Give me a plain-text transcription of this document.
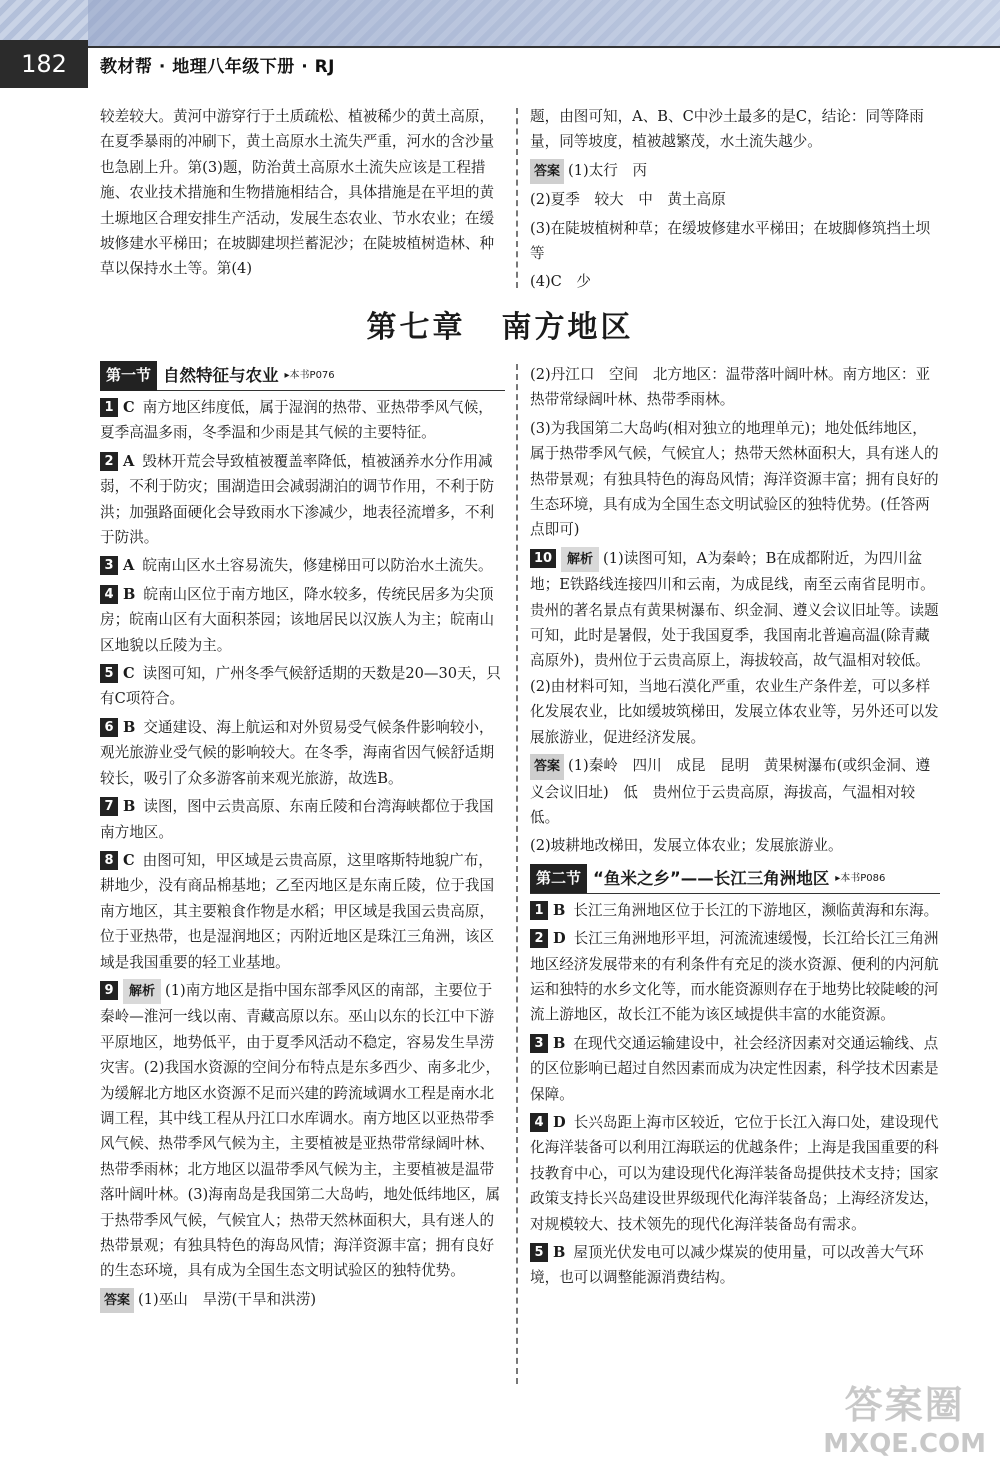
182	教材帮 · 地理八年级下册 · RJ

较差较大。黄河中游穿行于土质疏松、植被稀少的黄土高原，在夏季暴雨的冲刷下，黄土高原水土流失严重，河水的含沙量也急剧上升。第(3)题，防治黄土高原水土流失应该是工程措施、农业技术措施和生物措施相结合，具体措施是在平坦的黄土塬地区合理安排生产活动，发展生态农业、节水农业；在缓坡修建水平梯田；在坡脚建坝拦蓄泥沙；在陡坡植树造林、种草以保持水土等。第(4)

题，由图可知，A、B、C中沙土最多的是C，结论：同等降雨量，同等坡度，植被越繁茂，水土流失越少。

答案 (1)太行　丙

(2)夏季　较大　中　黄土高原

(3)在陡坡植树种草；在缓坡修建水平梯田；在坡脚修筑挡土坝等

(4)C　少

第七章 南方地区
第一节 自然特征与农业 ▸本书P076

1 C 南方地区纬度低，属于湿润的热带、亚热带季风气候，夏季高温多雨，冬季温和少雨是其气候的主要特征。

2 A 毁林开荒会导致植被覆盖率降低，植被涵养水分作用减弱，不利于防灾；围湖造田会减弱湖泊的调节作用，不利于防洪；加强路面硬化会导致雨水下渗减少，地表径流增多，不利于防洪。

3 A 皖南山区水土容易流失，修建梯田可以防治水土流失。

4 B 皖南山区位于南方地区，降水较多，传统民居多为尖顶房；皖南山区有大面积茶园；该地居民以汉族人为主；皖南山区地貌以丘陵为主。

5 C 读图可知，广州冬季气候舒适期的天数是20—30天，只有C项符合。

6 B 交通建设、海上航运和对外贸易受气候条件影响较小，观光旅游业受气候的影响较大。在冬季，海南省因气候舒适期较长，吸引了众多游客前来观光旅游，故选B。

7 B 读图，图中云贵高原、东南丘陵和台湾海峡都位于我国南方地区。

8 C 由图可知，甲区域是云贵高原，这里喀斯特地貌广布，耕地少，没有商品棉基地；乙至丙地区是东南丘陵，位于我国南方地区，其主要粮食作物是水稻；甲区域是我国云贵高原，位于亚热带，也是湿润地区；丙附近地区是珠江三角洲，该区域是我国重要的轻工业基地。

9 解析 (1)南方地区是指中国东部季风区的南部，主要位于秦岭—淮河一线以南、青藏高原以东。巫山以东的长江中下游平原地区，地势低平，由于夏季风活动不稳定，容易发生旱涝灾害。(2)我国水资源的空间分布特点是东多西少、南多北少，为缓解北方地区水资源不足而兴建的跨流域调水工程是南水北调工程，其中线工程从丹江口水库调水。南方地区以亚热带季风气候、热带季风气候为主，主要植被是亚热带常绿阔叶林、热带季雨林；北方地区以温带季风气候为主，主要植被是温带落叶阔叶林。(3)海南岛是我国第二大岛屿，地处低纬地区，属于热带季风气候，气候宜人；热带天然林面积大，具有迷人的热带景观；有独具特色的海岛风情；海洋资源丰富；拥有良好的生态环境，具有成为全国生态文明试验区的独特优势。

答案 (1)巫山　旱涝(干旱和洪涝)

(2)丹江口　空间　北方地区：温带落叶阔叶林。南方地区：亚热带常绿阔叶林、热带季雨林。

(3)为我国第二大岛屿(相对独立的地理单元)；地处低纬地区，属于热带季风气候，气候宜人；热带天然林面积大，具有迷人的热带景观；有独具特色的海岛风情；海洋资源丰富；拥有良好的生态环境，具有成为全国生态文明试验区的独特优势。(任答两点即可)

10 解析 (1)读图可知，A为秦岭；B在成都附近，为四川盆地；E铁路线连接四川和云南，为成昆线，南至云南省昆明市。贵州的著名景点有黄果树瀑布、织金洞、遵义会议旧址等。读题可知，此时是暑假，处于我国夏季，我国南北普遍高温(除青藏高原外)，贵州位于云贵高原上，海拔较高，故气温相对较低。(2)由材料可知，当地石漠化严重，农业生产条件差，可以多样化发展农业，比如缓坡筑梯田，发展立体农业等，另外还可以发展旅游业，促进经济发展。

答案 (1)秦岭　四川　成昆　昆明　黄果树瀑布(或织金洞、遵义会议旧址)　低　贵州位于云贵高原，海拔高，气温相对较低。

(2)坡耕地改梯田，发展立体农业；发展旅游业。

第二节 “鱼米之乡”——长江三角洲地区 ▸本书P086

1 B 长江三角洲地区位于长江的下游地区，濒临黄海和东海。

2 D 长江三角洲地形平坦，河流流速缓慢，长江给长江三角洲地区经济发展带来的有利条件有充足的淡水资源、便利的内河航运和独特的水乡文化等，而水能资源则存在于地势比较陡峻的河流上游地区，故长江不能为该区域提供丰富的水能资源。

3 B 在现代交通运输建设中，社会经济因素对交通运输线、点的区位影响已超过自然因素而成为决定性因素，科学技术因素是保障。

4 D 长兴岛距上海市区较近，它位于长江入海口处，建设现代化海洋装备可以利用江海联运的优越条件；上海是我国重要的科技教育中心，可以为建设现代化海洋装备岛提供技术支持；国家政策支持长兴岛建设世界级现代化海洋装备岛；上海经济发达，对规模较大、技术领先的现代化海洋装备岛有需求。

5 B 屋顶光伏发电可以减少煤炭的使用量，可以改善大气环境，也可以调整能源消费结构。

答案圈
MXQE.COM
